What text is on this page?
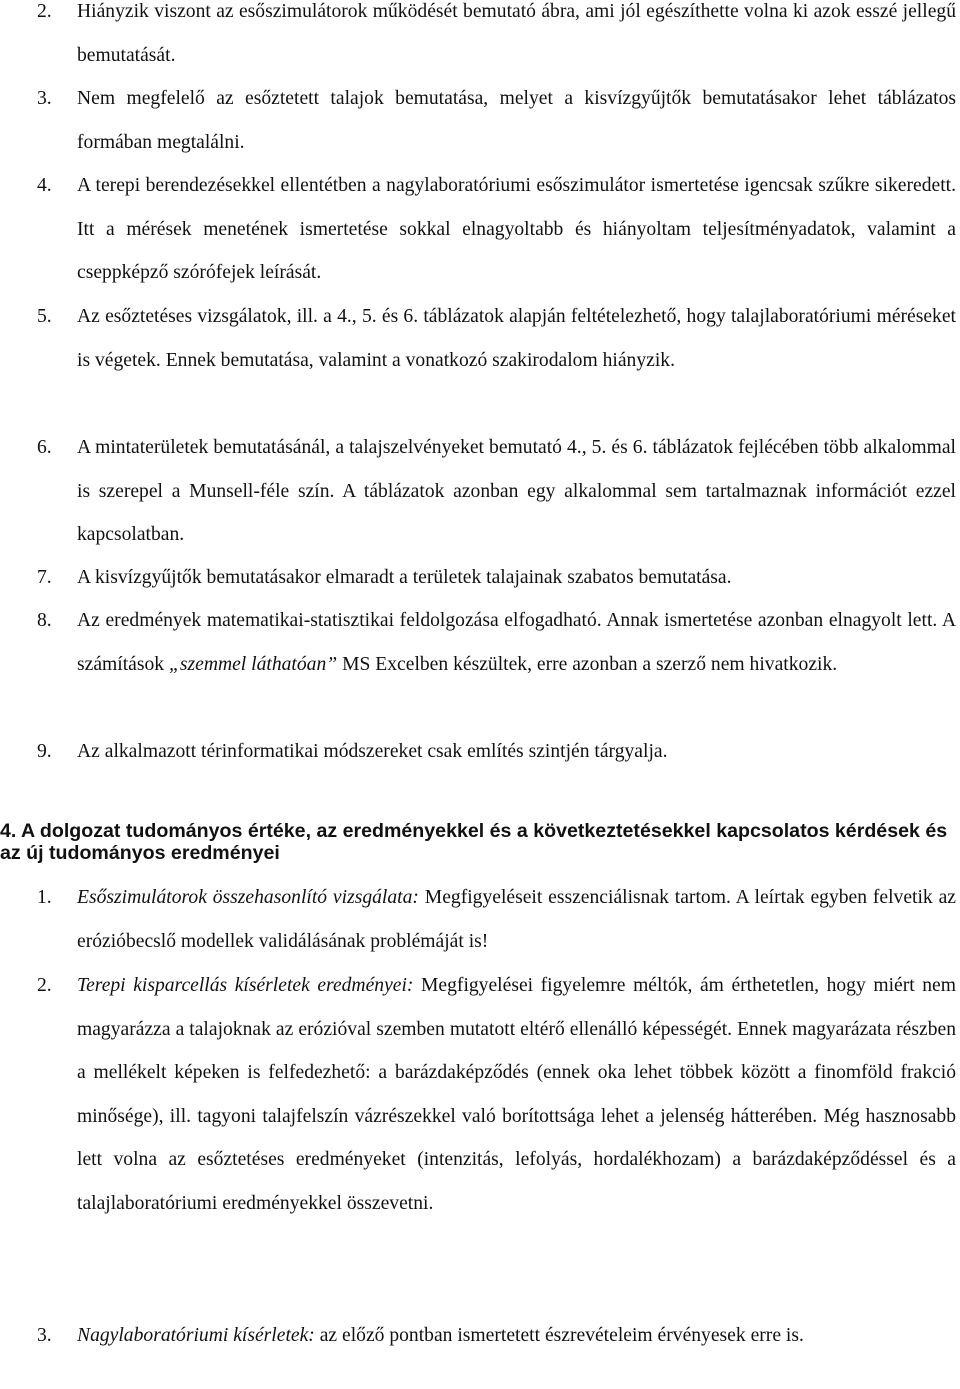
2. Hiányzik viszont az esőszimulátorok működését bemutató ábra, ami jól egészíthette volna ki azok esszé jellegű bemutatását.
3. Nem megfelelő az esőztetett talajok bemutatása, melyet a kisvízgyűjtők bemutatásakor lehet táblázatos formában megtalálni.
4. A terepi berendezésekkel ellentétben a nagylaboratóriumi esőszimulátor ismertetése igencsak szűkre sikeredett. Itt a mérések menetének ismertetése sokkal elnagyoltabb és hiányoltam teljesítményadatok, valamint a cseppképző szórófejek leírását.
5. Az esőztetéses vizsgálatok, ill. a 4., 5. és 6. táblázatok alapján feltételezhető, hogy talajlaboratóriumi méréseket is végetek. Ennek bemutatása, valamint a vonatkozó szakirodalom hiányzik.
6. A mintaterületek bemutatásánál, a talajszelvényeket bemutató 4., 5. és 6. táblázatok fejlécében több alkalommal is szerepel a Munsell-féle szín. A táblázatok azonban egy alkalommal sem tartalmaznak információt ezzel kapcsolatban.
7. A kisvízgyűjtők bemutatásakor elmaradt a területek talajainak szabatos bemutatása.
8. Az eredmények matematikai-statisztikai feldolgozása elfogadható. Annak ismertetése azonban elnagyolt lett. A számítások „szemmel láthatóan” MS Excelben készültek, erre azonban a szerző nem hivatkozik.
9. Az alkalmazott térinformatikai módszereket csak említés szintjén tárgyalja.
4. A dolgozat tudományos értéke, az eredményekkel és a következtetésekkel kapcsolatos kérdések és az új tudományos eredményei
1. Esőszimulátorok összehasonlító vizsgálata: Megfigyeléseit esszenciálisnak tartom. A leírtak egyben felvetik az erózióbecslő modellek validálásának problémáját is!
2. Terepi kisparcellás kísérletek eredményei: Megfigyelései figyelemre méltók, ám érthetetlen, hogy miért nem magyarázza a talajoknak az erózióval szemben mutatott eltérő ellenálló képességét. Ennek magyarázata részben a mellékelt képeken is felfedezhető: a barázdaképződés (ennek oka lehet többek között a finomföld frakció minősége), ill. tagyoni talajfelszín vázrészekkel való borítottsága lehet a jelenség hátterében. Még hasznosabb lett volna az esőztetéses eredményeket (intenzitás, lefolyás, hordalékhozam) a barázdaképződéssel és a talajlaboratóriumi eredményekkel összevetni.
3. Nagylaboratóriumi kísérletek: az előző pontban ismertetett észrevételeim érvényesek erre is.
